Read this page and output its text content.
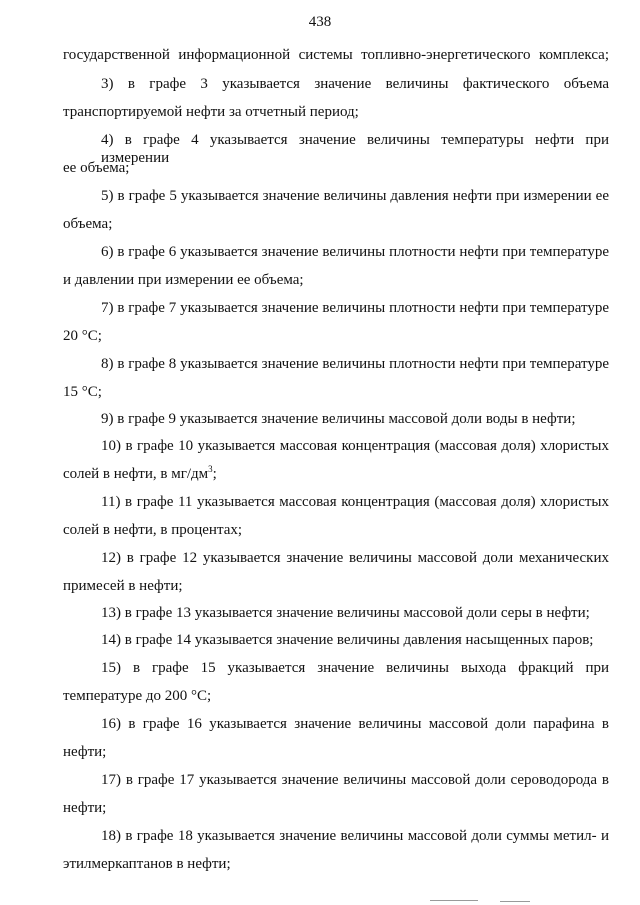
438
государственной информационной системы топливно-энергетического комплекса;
3) в графе 3 указывается значение величины фактического объема
транспортируемой нефти за отчетный период;
4) в графе 4 указывается значение величины температуры нефти при измерении
ее объема;
5) в графе 5 указывается значение величины давления нефти при измерении ее
объема;
6) в графе 6 указывается значение величины плотности нефти при температуре
и давлении при измерении ее объема;
7) в графе 7 указывается значение величины плотности нефти при температуре
20 °С;
8) в графе 8 указывается значение величины плотности нефти при температуре
15 °С;
9) в графе 9 указывается значение величины массовой доли воды в нефти;
10) в графе 10 указывается массовая концентрация (массовая доля) хлористых
солей в нефти, в $мг/дм^3$;
11) в графе 11 указывается массовая концентрация (массовая доля) хлористых
солей в нефти, в процентах;
12) в графе 12 указывается значение величины массовой доли механических
примесей в нефти;
13) в графе 13 указывается значение величины массовой доли серы в нефти;
14) в графе 14 указывается значение величины давления насыщенных паров;
15) в графе 15 указывается значение величины выхода фракций при
температуре до 200 °С;
16) в графе 16 указывается значение величины массовой доли парафина в
нефти;
17) в графе 17 указывается значение величины массовой доли сероводорода в
нефти;
18) в графе 18 указывается значение величины массовой доли суммы метил- и
этилмеркаптанов в нефти;
